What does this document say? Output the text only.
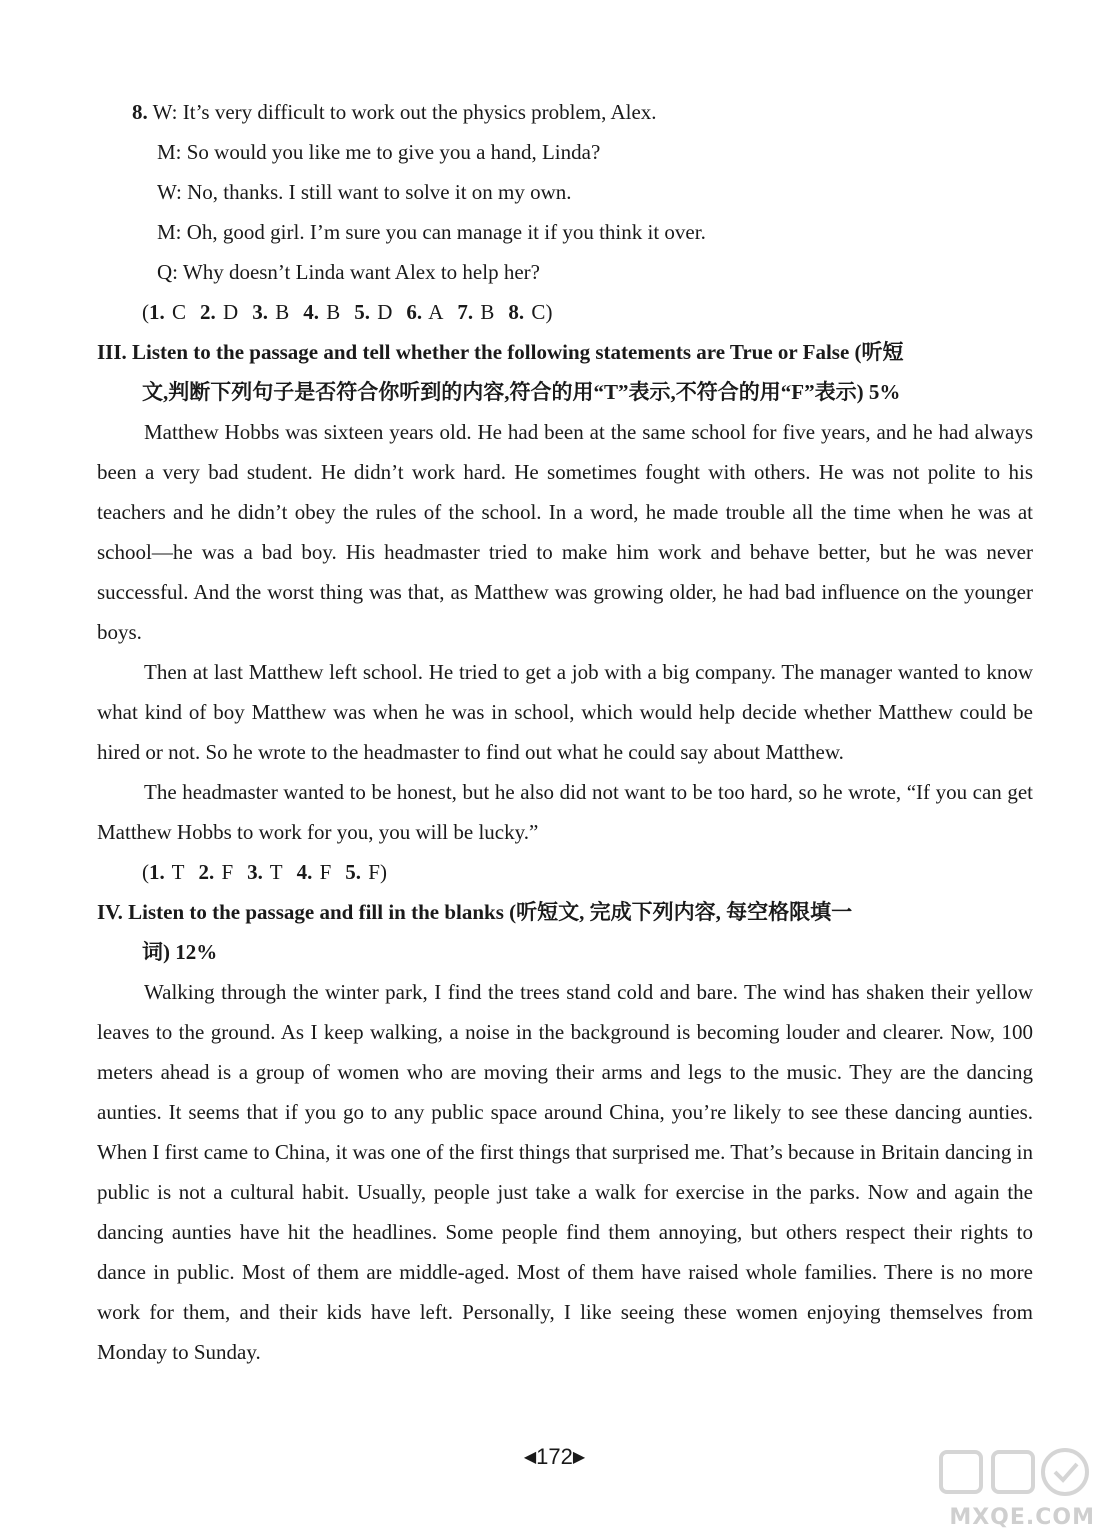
8. W: It’s very difficult to work out the physics problem, Alex.
M: So would you like me to give you a hand, Linda?
W: No, thanks. I still want to solve it on my own.
M: Oh, good girl. I’m sure you can manage it if you think it over.
Q: Why doesn’t Linda want Alex to help her?
(1. C 2. D 3. B 4. B 5. D 6. A 7. B 8. C)
III. Listen to the passage and tell whether the following statements are True or False (听短
文,判断下列句子是否符合你听到的内容,符合的用“T”表示,不符合的用“F”表示) 5%

Matthew Hobbs was sixteen years old. He had been at the same school for five years, and he had always been a very bad student. He didn’t work hard. He sometimes fought with others. He was not polite to his teachers and he didn’t obey the rules of the school. In a word, he made trouble all the time when he was at school—he was a bad boy. His headmaster tried to make him work and behave better, but he was never successful. And the worst thing was that, as Matthew was growing older, he had bad influence on the younger boys.

Then at last Matthew left school. He tried to get a job with a big company. The manager wanted to know what kind of boy Matthew was when he was in school, which would help decide whether Matthew could be hired or not. So he wrote to the headmaster to find out what he could say about Matthew.

The headmaster wanted to be honest, but he also did not want to be too hard, so he wrote, “If you can get Matthew Hobbs to work for you, you will be lucky.”

(1. T 2. F 3. T 4. F 5. F)
IV. Listen to the passage and fill in the blanks (听短文, 完成下列内容, 每空格限填一
词) 12%

Walking through the winter park, I find the trees stand cold and bare. The wind has shaken their yellow leaves to the ground. As I keep walking, a noise in the background is becoming louder and clearer. Now, 100 meters ahead is a group of women who are moving their arms and legs to the music. They are the dancing aunties. It seems that if you go to any public space around China, you’re likely to see these dancing aunties. When I first came to China, it was one of the first things that surprised me. That’s because in Britain dancing in public is not a cultural habit. Usually, people just take a walk for exercise in the parks. Now and again the dancing aunties have hit the headlines. Some people find them annoying, but others respect their rights to dance in public. Most of them are middle-aged. Most of them have raised whole families. There is no more work for them, and their kids have left. Personally, I like seeing these women enjoying themselves from Monday to Sunday.

◀172▶
MXQE.COM
